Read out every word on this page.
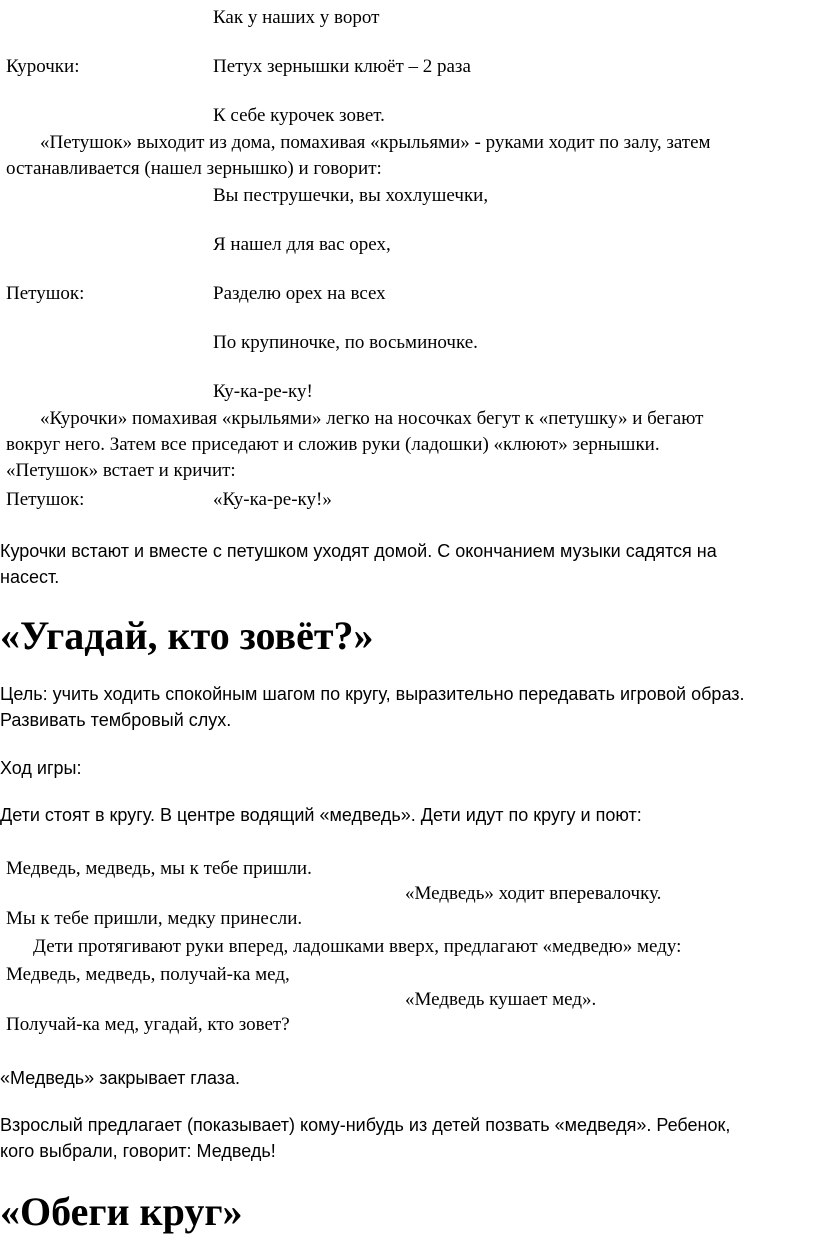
Как у наших у ворот
Курочки:	Петух зернышки клюёт – 2 раза
К себе курочек зовет.
«Петушок» выходит из дома, помахивая «крыльями» - руками ходит по залу, затем
останавливается (нашел зернышко) и говорит:
Вы пеструшечки, вы хохлушечки,
Я нашел для вас орех,
Петушок:	Разделю орех на всех
По крупиночке, по восьминочке.
Ку-ка-ре-ку!
«Курочки» помахивая «крыльями» легко на носочках бегут к «петушку» и бегают
вокруг него. Затем все приседают и сложив руки (ладошки) «клюют» зернышки.
«Петушок» встает и кричит:
Петушок:	«Ку-ка-ре-ку!»
Курочки встают и вместе с петушком уходят домой. С окончанием музыки садятся на
насест.
«Угадай, кто зовёт?»
Цель: учить ходить спокойным шагом по кругу, выразительно передавать игровой образ.
Развивать тембровый слух.
Ход игры:
Дети стоят в кругу. В центре водящий «медведь». Дети идут по кругу и поют:
Медведь, медведь, мы к тебе пришли.
«Медведь» ходит вперевалочку.
Мы к тебе пришли, медку принесли.
Дети протягивают руки вперед, ладошками вверх, предлагают «медведю» меду:
Медведь, медведь, получай-ка мед,
«Медведь кушает мед».
Получай-ка мед, угадай, кто зовет?
«Медведь» закрывает глаза.
Взрослый предлагает (показывает) кому-нибудь из детей позвать «медведя». Ребенок,
кого выбрали, говорит: Медведь!
«Обеги круг»
